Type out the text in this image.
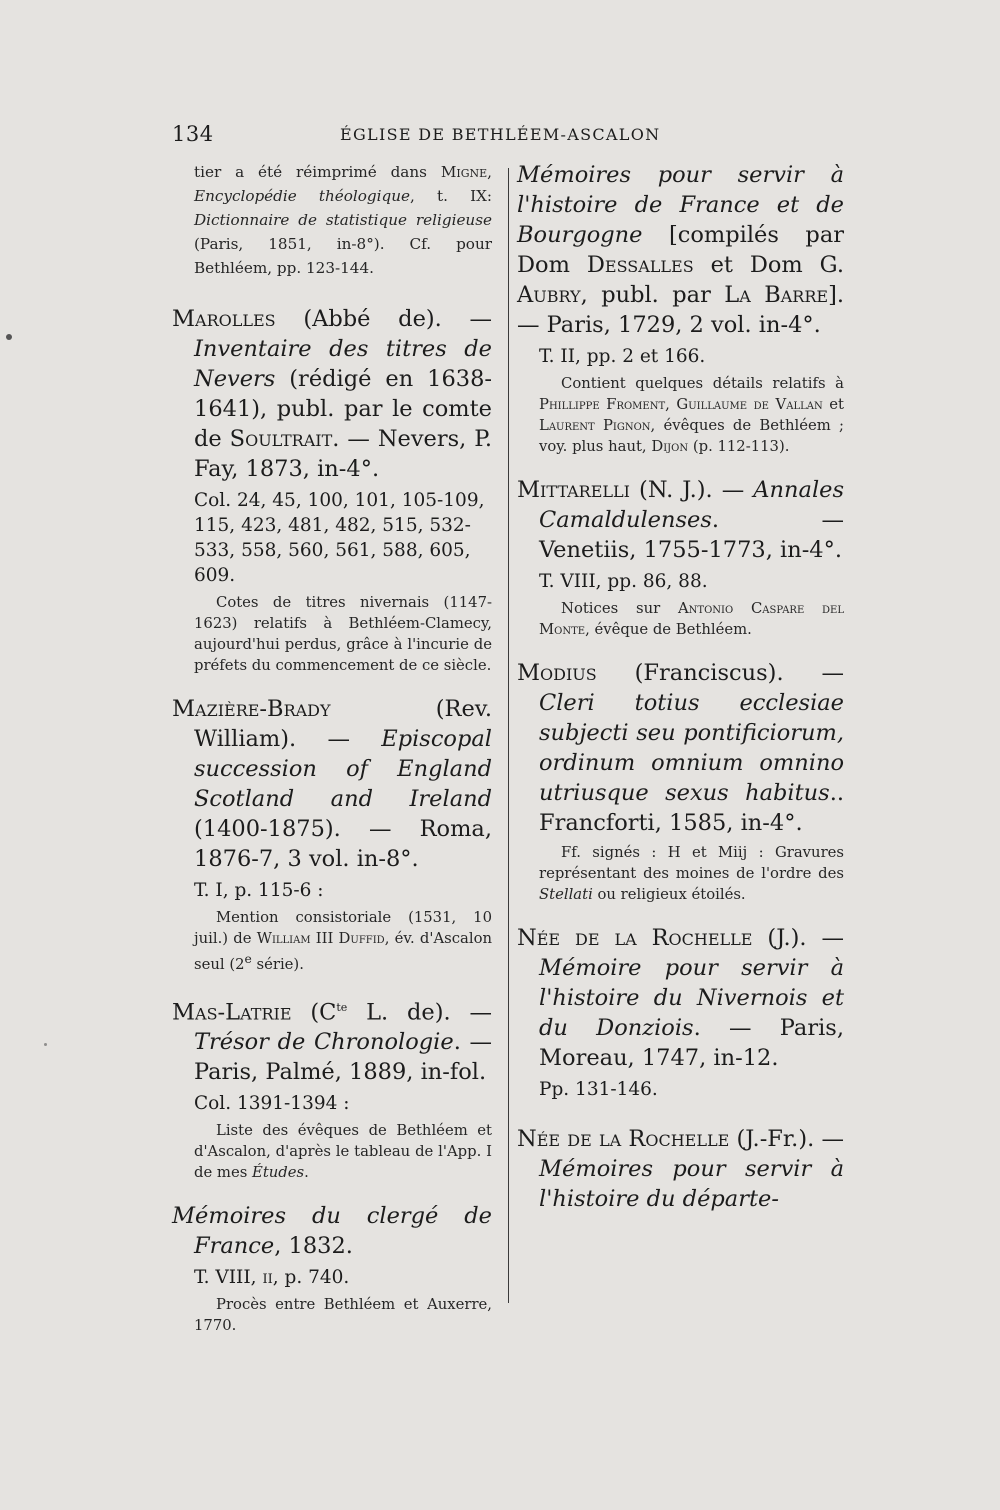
134	ÉGLISE DE BETHLÉEM-ASCALON

tier a été réimprimé dans Migne, Encyclopédie théologique, t. IX: Dictionnaire de statistique religieuse (Paris, 1851, in-8°). Cf. pour Bethléem, pp. 123-144.

Marolles (Abbé de). — Inventaire des titres de Nevers (rédigé en 1638-1641), publ. par le comte de Soultrait. — Nevers, P. Fay, 1873, in-4°.

Col. 24, 45, 100, 101, 105-109, 115, 423, 481, 482, 515, 532-533, 558, 560, 561, 588, 605, 609.

Cotes de titres nivernais (1147-1623) relatifs à Bethléem-Clamecy, aujourd'hui perdus, grâce à l'incurie de préfets du commencement de ce siècle.

Mazière-Brady (Rev. William). — Episcopal succession of England Scotland and Ireland (1400-1875). — Roma, 1876-7, 3 vol. in-8°.

T. I, p. 115-6 :

Mention consistoriale (1531, 10 juil.) de William III Duffid, év. d'Ascalon seul (2e série).

Mas-Latrie ($C^{te}$ L. de). — Trésor de Chronologie. — Paris, Palmé, 1889, in-fol.

Col. 1391-1394 :

Liste des évêques de Bethléem et d'Ascalon, d'après le tableau de l'App. I de mes Études.

Mémoires du clergé de France, 1832.

T. VIII, ii, p. 740.

Procès entre Bethléem et Auxerre, 1770.

Mémoires pour servir à l'histoire de France et de Bourgogne [compilés par Dom Dessalles et Dom G. Aubry, publ. par La Barre]. — Paris, 1729, 2 vol. in-4°.

T. II, pp. 2 et 166.

Contient quelques détails relatifs à Phillippe Froment, Guillaume de Vallan et Laurent Pignon, évêques de Bethléem ; voy. plus haut, Dijon (p. 112-113).

Mittarelli (N. J.). — Annales Camaldulenses. — Venetiis, 1755-1773, in-4°.

T. VIII, pp. 86, 88.

Notices sur Antonio Caspare del Monte, évêque de Bethléem.

Modius (Franciscus). — Cleri totius ecclesiae subjecti seu pontificiorum, ordinum omnium omnino utriusque sexus habitus.. Francforti, 1585, in-4°.

Ff. signés : H et Miij : Gravures représentant des moines de l'ordre des Stellati ou religieux étoilés.

Née de la Rochelle (J.). — Mémoire pour servir à l'histoire du Nivernois et du Donziois. — Paris, Moreau, 1747, in-12.

Pp. 131-146.

Née de la Rochelle (J.-Fr.). — Mémoires pour servir à l'histoire du départe-
